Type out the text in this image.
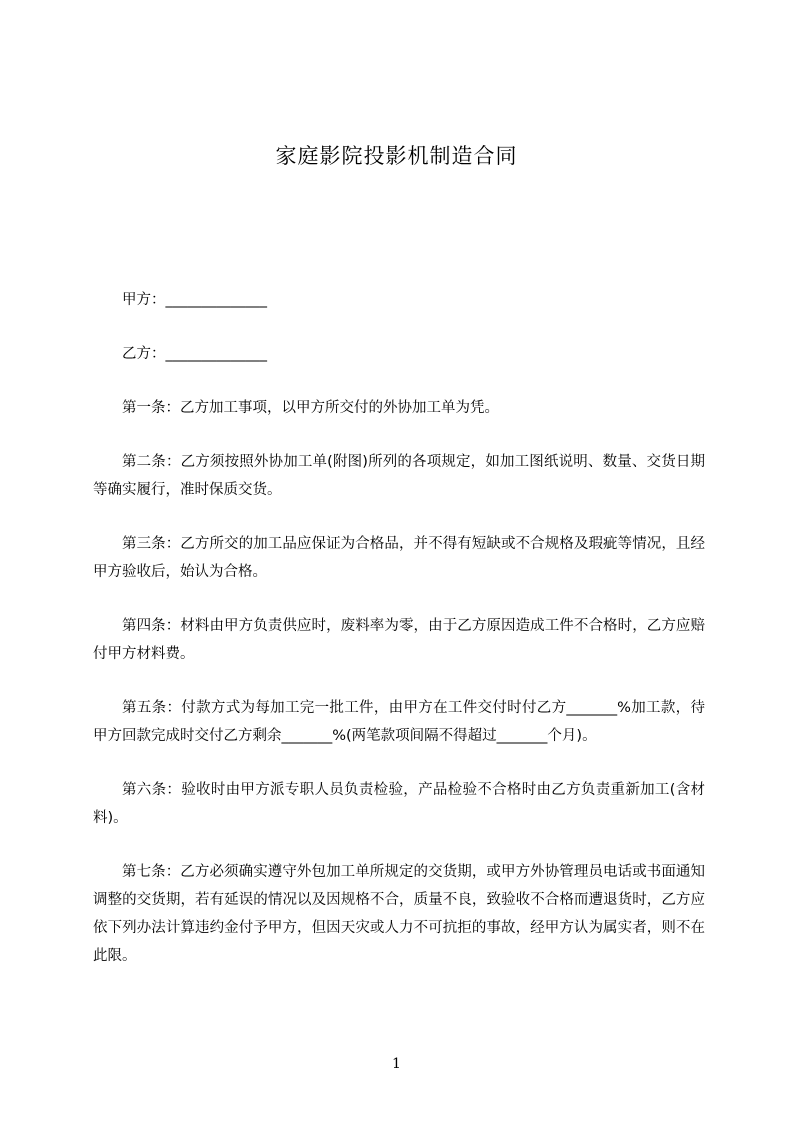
家庭影院投影机制造合同

甲方：______________

乙方：______________

第一条：乙方加工事项，以甲方所交付的外协加工单为凭。

第二条：乙方须按照外协加工单(附图)所列的各项规定，如加工图纸说明、数量、交货日期等确实履行，准时保质交货。

第三条：乙方所交的加工品应保证为合格品，并不得有短缺或不合规格及瑕疵等情况，且经甲方验收后，始认为合格。

第四条：材料由甲方负责供应时，废料率为零，由于乙方原因造成工件不合格时，乙方应赔付甲方材料费。

第五条：付款方式为每加工完一批工件，由甲方在工件交付时付乙方_______%加工款，待甲方回款完成时交付乙方剩余_______%(两笔款项间隔不得超过_______个月)。

第六条：验收时由甲方派专职人员负责检验，产品检验不合格时由乙方负责重新加工(含材料)。

第七条：乙方必须确实遵守外包加工单所规定的交货期，或甲方外协管理员电话或书面通知调整的交货期，若有延误的情况以及因规格不合，质量不良，致验收不合格而遭退货时，乙方应依下列办法计算违约金付予甲方，但因天灾或人力不可抗拒的事故，经甲方认为属实者，则不在此限。

1
